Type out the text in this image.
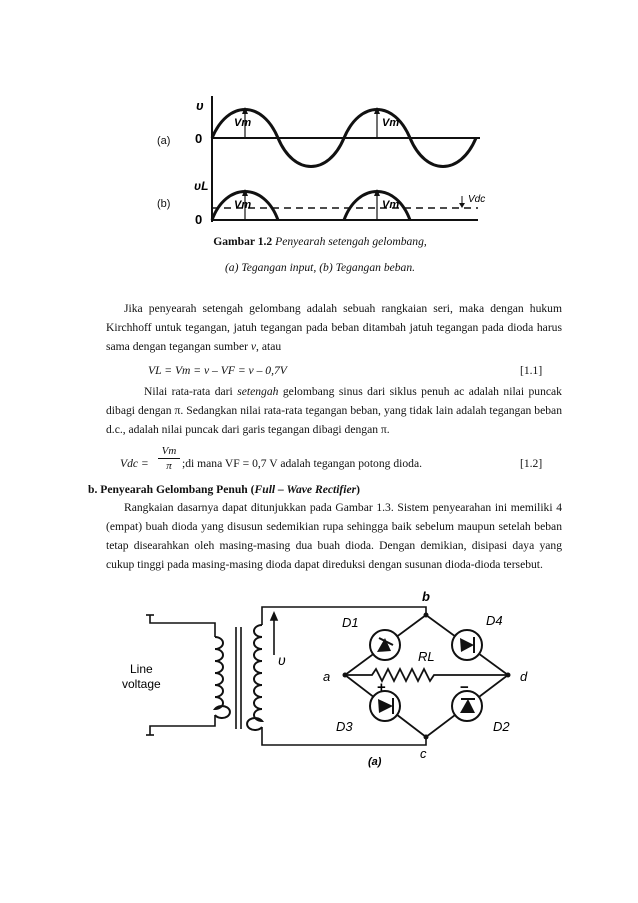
υ
0
Vm	Vm
υL
0
Vm	Vm	Vdc
(a)
(b)
Gambar 1.2 Penyearah setengah gelombang,
(a) Tegangan input, (b) Tegangan beban.
Jika penyearah setengah gelombang adalah sebuah rangkaian seri, maka dengan hukum Kirchhoff untuk tegangan, jatuh tegangan pada beban ditambah jatuh tegangan pada dioda harus sama dengan tegangan sumber v, atau
VL = Vm = v – VF = v – 0,7V	[1.1]
Nilai rata-rata dari setengah gelombang sinus dari siklus penuh ac adalah nilai puncak dibagi dengan π. Sedangkan nilai rata-rata tegangan beban, yang tidak lain adalah tegangan beban d.c., adalah nilai puncak dari garis tegangan dibagi dengan π.
Vdc = $\frac{Vm}{\pi}$ ;di mana VF = 0,7 V adalah tegangan potong dioda.	[1.2]
b. Penyearah Gelombang Penuh (Full – Wave Rectifier)
Rangkaian dasarnya dapat ditunjukkan pada Gambar 1.3. Sistem penyearahan ini memiliki 4 (empat) buah dioda yang disusun sedemikian rupa sehingga baik sebelum maupun setelah beban tetap disearahkan oleh masing-masing dua buah dioda. Dengan demikian, disipasi daya yang cukup tinggi pada masing-masing dioda dapat direduksi dengan susunan dioda-dioda tersebut.
Line
voltage
υ
a
b
c
d
D1	D4
D3	D2
RL
+	−
(a)
